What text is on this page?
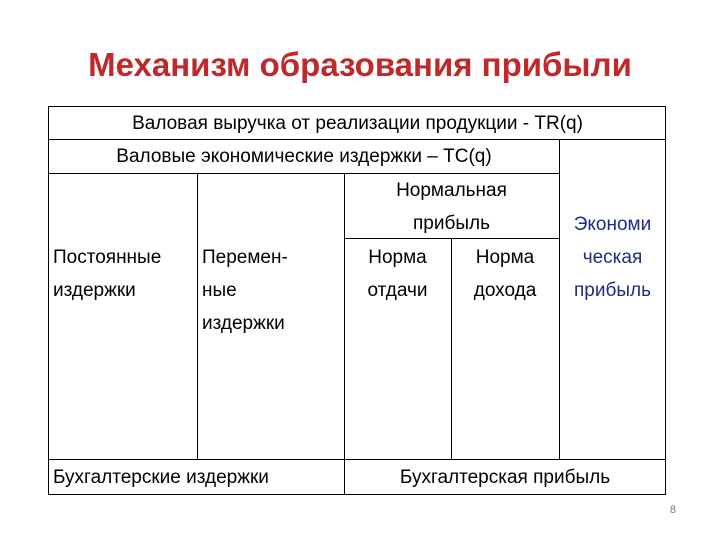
Механизм образования прибыли
Валовая выручка от реализации продукции - TR(q)
Валовые экономические издержки – TC(q)
Нормальная
прибыль
Постоянные
издержки
Перемен-
ные
издержки
Норма
отдачи
Норма
дохода
Экономи
ческая
прибыль
Бухгалтерские издержки	Бухгалтерская прибыль
8
